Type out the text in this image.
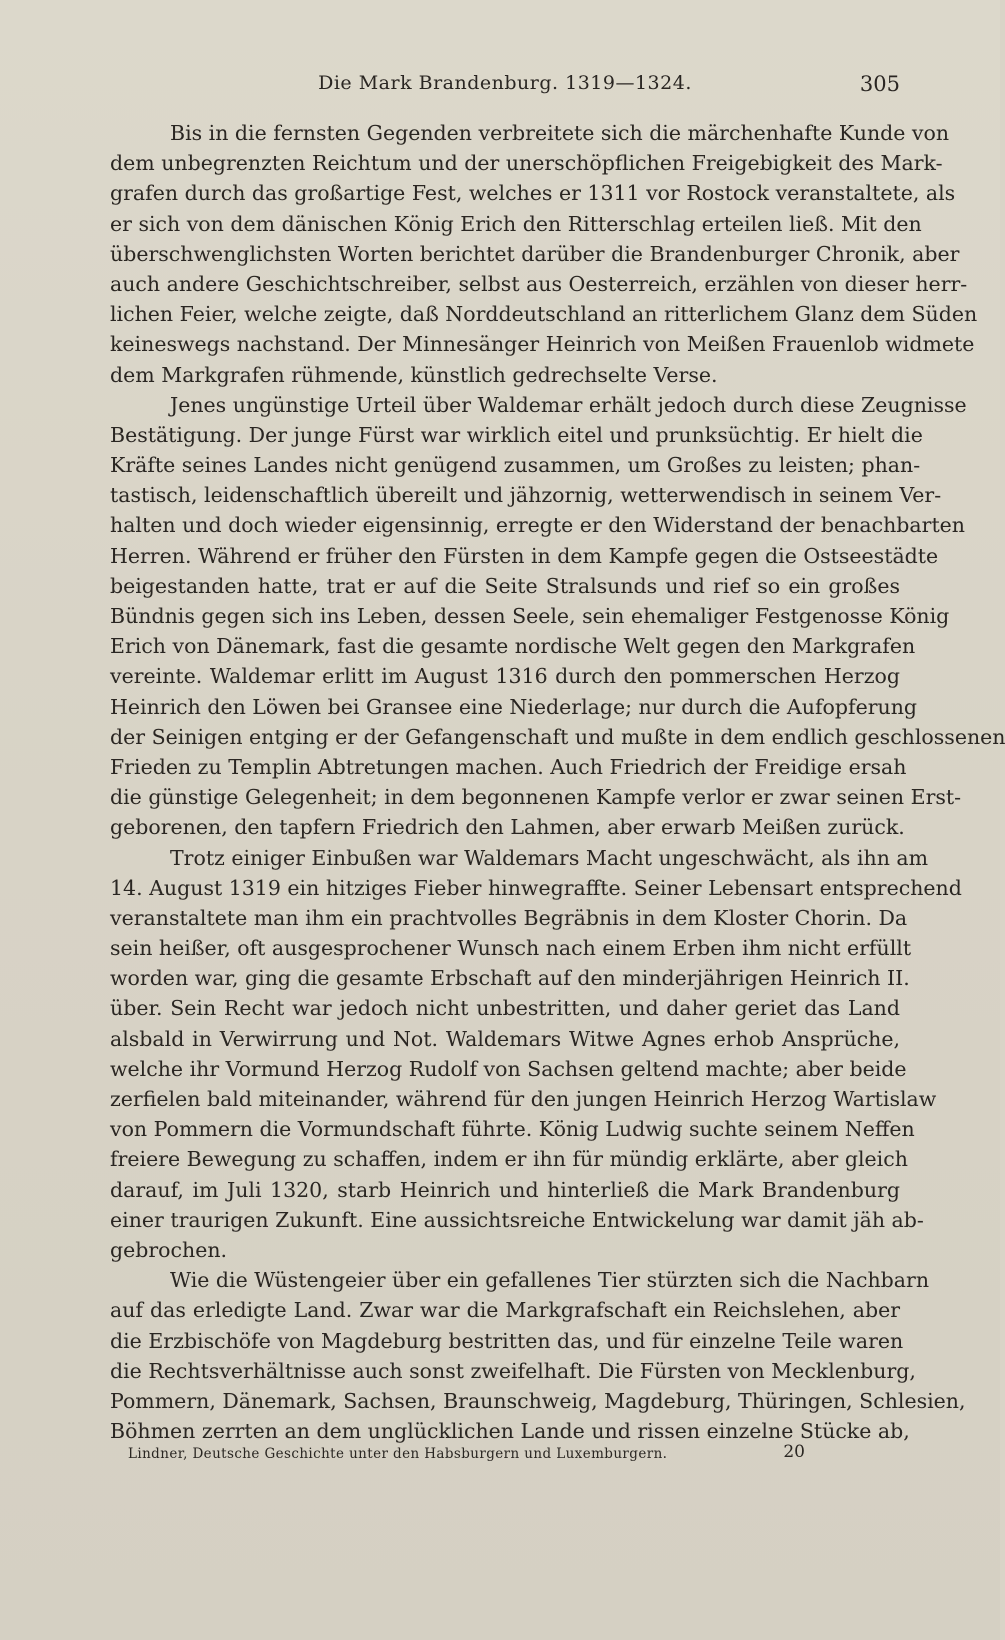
Die Mark Brandenburg. 1319—1324.	305
Bis in die fernsten Gegenden verbreitete sich die märchenhafte Kunde von
dem unbegrenzten Reichtum und der unerschöpflichen Freigebigkeit des Mark-
grafen durch das großartige Fest, welches er 1311 vor Rostock veranstaltete, als
er sich von dem dänischen König Erich den Ritterschlag erteilen ließ. Mit den
überschwenglichsten Worten berichtet darüber die Brandenburger Chronik, aber
auch andere Geschichtschreiber, selbst aus Oesterreich, erzählen von dieser herr-
lichen Feier, welche zeigte, daß Norddeutschland an ritterlichem Glanz dem Süden
keineswegs nachstand. Der Minnesänger Heinrich von Meißen Frauenlob widmete
dem Markgrafen rühmende, künstlich gedrechselte Verse.
Jenes ungünstige Urteil über Waldemar erhält jedoch durch diese Zeugnisse
Bestätigung. Der junge Fürst war wirklich eitel und prunksüchtig. Er hielt die
Kräfte seines Landes nicht genügend zusammen, um Großes zu leisten; phan-
tastisch, leidenschaftlich übereilt und jähzornig, wetterwendisch in seinem Ver-
halten und doch wieder eigensinnig, erregte er den Widerstand der benachbarten
Herren. Während er früher den Fürsten in dem Kampfe gegen die Ostseestädte
beigestanden hatte, trat er auf die Seite Stralsunds und rief so ein großes
Bündnis gegen sich ins Leben, dessen Seele, sein ehemaliger Festgenosse König
Erich von Dänemark, fast die gesamte nordische Welt gegen den Markgrafen
vereinte. Waldemar erlitt im August 1316 durch den pommerschen Herzog
Heinrich den Löwen bei Gransee eine Niederlage; nur durch die Aufopferung
der Seinigen entging er der Gefangenschaft und mußte in dem endlich geschlossenen
Frieden zu Templin Abtretungen machen. Auch Friedrich der Freidige ersah
die günstige Gelegenheit; in dem begonnenen Kampfe verlor er zwar seinen Erst-
geborenen, den tapfern Friedrich den Lahmen, aber erwarb Meißen zurück.
Trotz einiger Einbußen war Waldemars Macht ungeschwächt, als ihn am
14. August 1319 ein hitziges Fieber hinwegraffte. Seiner Lebensart entsprechend
veranstaltete man ihm ein prachtvolles Begräbnis in dem Kloster Chorin. Da
sein heißer, oft ausgesprochener Wunsch nach einem Erben ihm nicht erfüllt
worden war, ging die gesamte Erbschaft auf den minderjährigen Heinrich II.
über. Sein Recht war jedoch nicht unbestritten, und daher geriet das Land
alsbald in Verwirrung und Not. Waldemars Witwe Agnes erhob Ansprüche,
welche ihr Vormund Herzog Rudolf von Sachsen geltend machte; aber beide
zerfielen bald miteinander, während für den jungen Heinrich Herzog Wartislaw
von Pommern die Vormundschaft führte. König Ludwig suchte seinem Neffen
freiere Bewegung zu schaffen, indem er ihn für mündig erklärte, aber gleich
darauf, im Juli 1320, starb Heinrich und hinterließ die Mark Brandenburg
einer traurigen Zukunft. Eine aussichtsreiche Entwickelung war damit jäh ab-
gebrochen.
Wie die Wüstengeier über ein gefallenes Tier stürzten sich die Nachbarn
auf das erledigte Land. Zwar war die Markgrafschaft ein Reichslehen, aber
die Erzbischöfe von Magdeburg bestritten das, und für einzelne Teile waren
die Rechtsverhältnisse auch sonst zweifelhaft. Die Fürsten von Mecklenburg,
Pommern, Dänemark, Sachsen, Braunschweig, Magdeburg, Thüringen, Schlesien,
Böhmen zerrten an dem unglücklichen Lande und rissen einzelne Stücke ab,
Lindner, Deutsche Geschichte unter den Habsburgern und Luxemburgern.	20
